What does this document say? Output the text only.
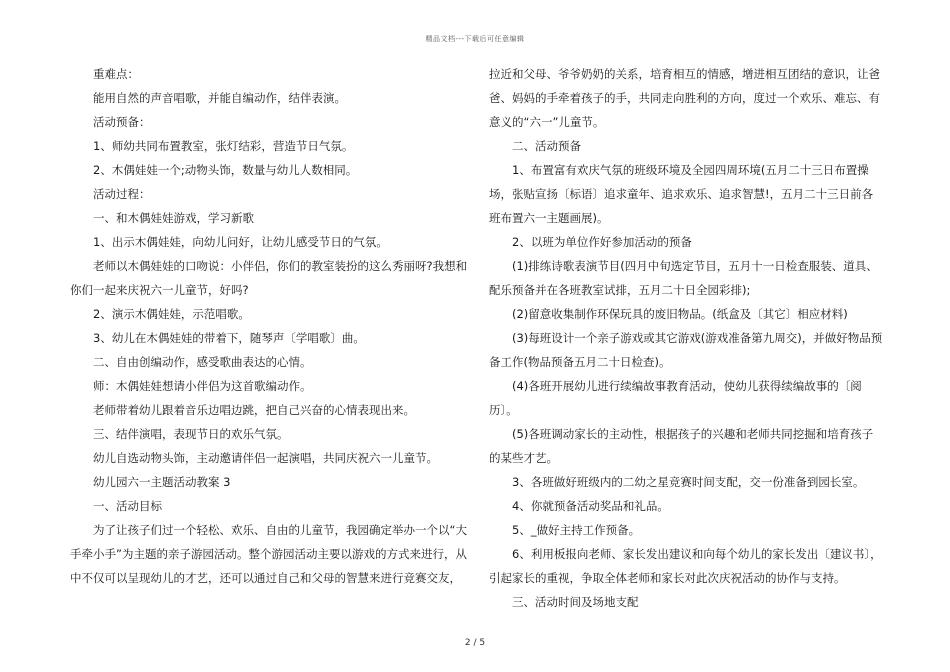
精品文档---下载后可任意编辑

重难点：

能用自然的声音唱歌，并能自编动作，结伴表演。

活动预备：

1、师幼共同布置教室，张灯结彩，营造节日气氛。

2、木偶娃娃一个;动物头饰，数量与幼儿人数相同。

活动过程：

一、和木偶娃娃游戏，学习新歌

1、出示木偶娃娃，向幼儿问好，让幼儿感受节日的气氛。

老师以木偶娃娃的口吻说：小伴侣，你们的教室装扮的这么秀丽呀?我想和你们一起来庆祝六一儿童节，好吗?

2、演示木偶娃娃，示范唱歌。

3、幼儿在木偶娃娃的带着下，随琴声〔学唱歌〕曲。

二、自由创编动作，感受歌曲表达的心情。

师：木偶娃娃想请小伴侣为这首歌编动作。

老师带着幼儿跟着音乐边唱边跳，把自己兴奋的心情表现出来。

三、结伴演唱，表现节日的欢乐气氛。

幼儿自选动物头饰，主动邀请伴侣一起演唱，共同庆祝六一儿童节。

幼儿园六一主题活动教案 3

一、活动目标

为了让孩子们过一个轻松、欢乐、自由的儿童节，我园确定举办一个以“大手牵小手”为主题的亲子游园活动。整个游园活动主要以游戏的方式来进行，从中不仅可以呈现幼儿的才艺，还可以通过自己和父母的智慧来进行竞赛交友，

拉近和父母、爷爷奶奶的关系，培育相互的情感，增进相互团结的意识，让爸爸、妈妈的手牵着孩子的手，共同走向胜利的方向，度过一个欢乐、难忘、有意义的“六一”儿童节。

二、活动预备

1、布置富有欢庆气氛的班级环境及全园四周环境(五月二十三日布置操场，张贴宣扬〔标语〕追求童年、追求欢乐、追求智慧!，五月二十三日前各班布置六一主题画展)。

2、以班为单位作好参加活动的预备

(1)排练诗歌表演节目(四月中旬选定节目，五月十一日检查服装、道具、配乐预备并在各班教室试排，五月二十日全园彩排);

(2)留意收集制作环保玩具的废旧物品。(纸盒及〔其它〕相应材料)

(3)每班设计一个亲子游戏或其它游戏(游戏准备第九周交)，并做好物品预备工作(物品预备五月二十日检查)。

(4)各班开展幼儿进行续编故事教育活动，使幼儿获得续编故事的〔阅历〕。

(5)各班调动家长的主动性，根据孩子的兴趣和老师共同挖掘和培育孩子的某些才艺。

3、各班做好班级内的二幼之星竞赛时间支配，交一份准备到园长室。

4、你就预备活动奖品和礼品。

5、_做好主持工作预备。

6、利用板报向老师、家长发出建议和向每个幼儿的家长发出〔建议书〕，引起家长的重视，争取全体老师和家长对此次庆祝活动的协作与支持。

三、活动时间及场地支配

2 / 5
